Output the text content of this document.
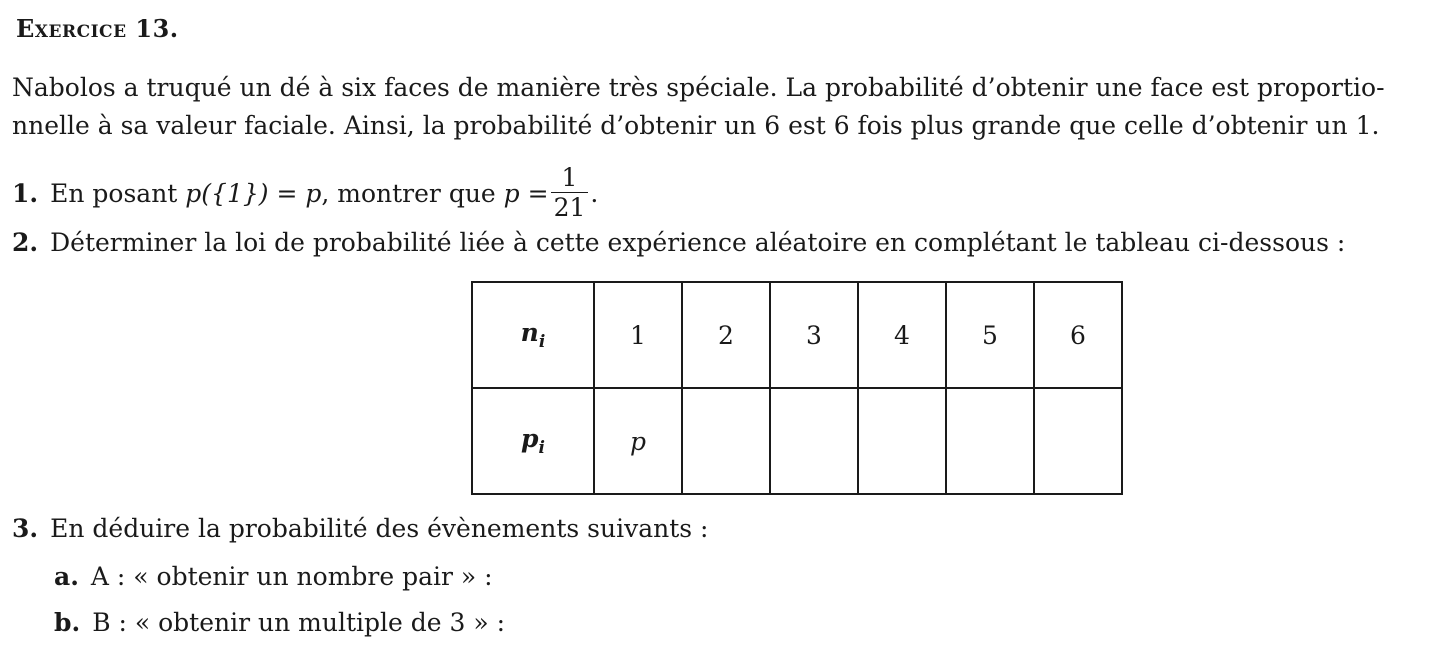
Exercice 13.
Nabolos a truqué un dé à six faces de manière très spéciale. La probabilité d’obtenir une face est proportio-
nnelle à sa valeur faciale. Ainsi, la probabilité d’obtenir un 6 est 6 fois plus grande que celle d’obtenir un 1.
1. En posant p({1}) = p, montrer que $p = \frac{1}{21}$ .
2. Déterminer la loi de probabilité liée à cette expérience aléatoire en complétant le tableau ci-dessous :
$n_i$	1	2	3	4	5	6
$p_i$	p					
3. En déduire la probabilité des évènements suivants :
a. A : « obtenir un nombre pair » :
b. B : « obtenir un multiple de 3 » :
